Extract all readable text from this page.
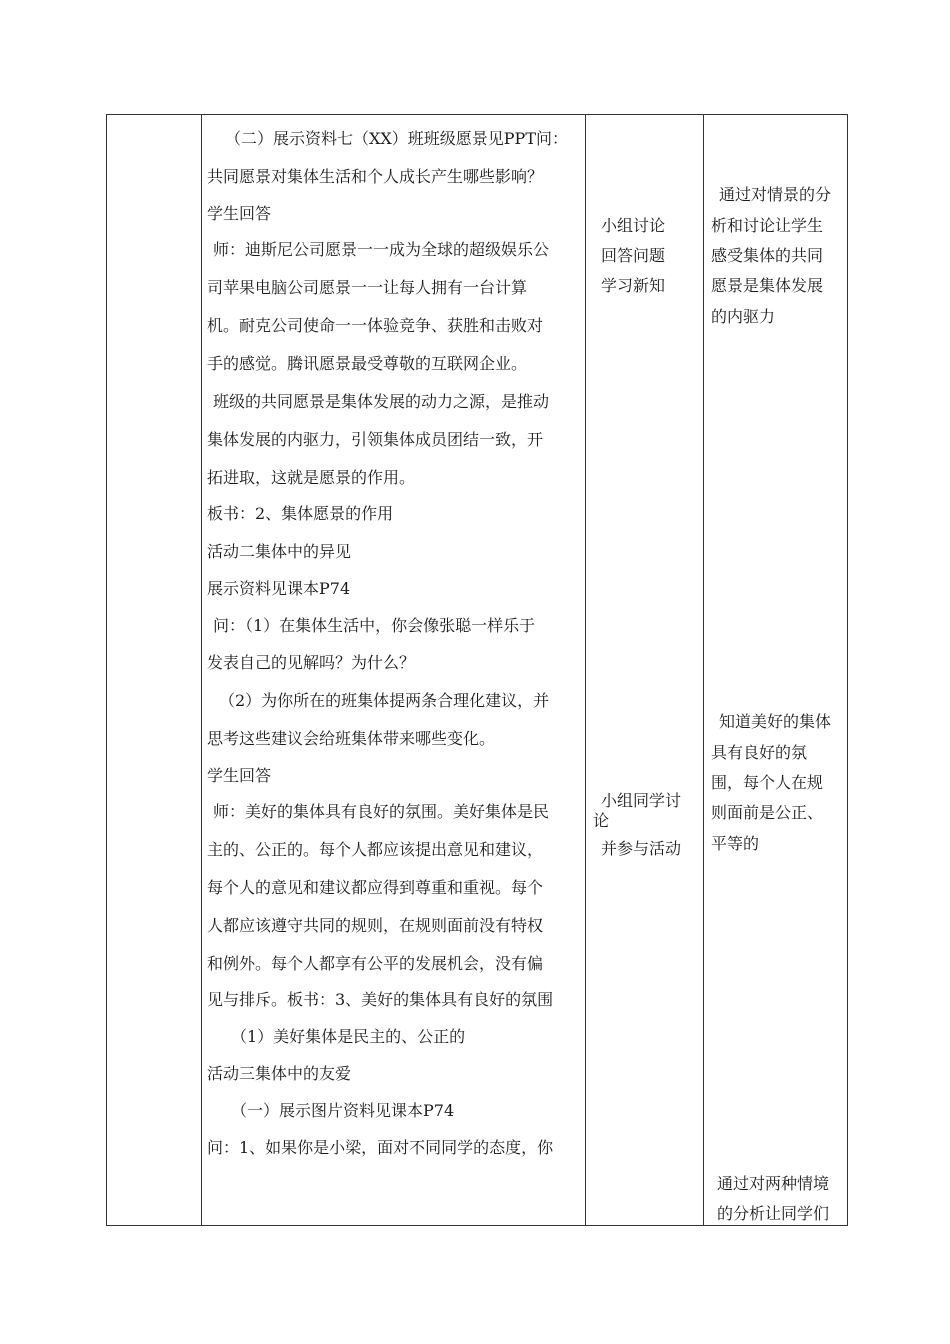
（二）展示资料七（XX）班班级愿景见PPT问：
共同愿景对集体生活和个人成长产生哪些影响？
学生回答
师：迪斯尼公司愿景一一成为全球的超级娱乐公
司苹果电脑公司愿景一一让每人拥有一台计算
机。耐克公司使命一一体验竞争、获胜和击败对
手的感觉。腾讯愿景最受尊敬的互联网企业。
班级的共同愿景是集体发展的动力之源，是推动
集体发展的内驱力，引领集体成员团结一致，开
拓进取，这就是愿景的作用。
板书：2、集体愿景的作用
活动二集体中的异见
展示资料见课本P74
问：（1）在集体生活中，你会像张聪一样乐于
发表自己的见解吗？为什么？
（2）为你所在的班集体提两条合理化建议，并
思考这些建议会给班集体带来哪些变化。
学生回答
师：美好的集体具有良好的氛围。美好集体是民
主的、公正的。每个人都应该提出意见和建议，
每个人的意见和建议都应得到尊重和重视。每个
人都应该遵守共同的规则，在规则面前没有特权
和例外。每个人都享有公平的发展机会，没有偏
见与排斥。板书：3、美好的集体具有良好的氛围
（1）美好集体是民主的、公正的
活动三集体中的友爱
（一）展示图片资料见课本P74
问：1、如果你是小梁，面对不同同学的态度，你
小组讨论
回答问题
学习新知
小组同学讨
论
并参与活动
通过对情景的分
析和讨论让学生
感受集体的共同
愿景是集体发展
的内驱力
知道美好的集体
具有良好的氛
围，每个人在规
则面前是公正、
平等的
通过对两种情境
的分析让同学们
